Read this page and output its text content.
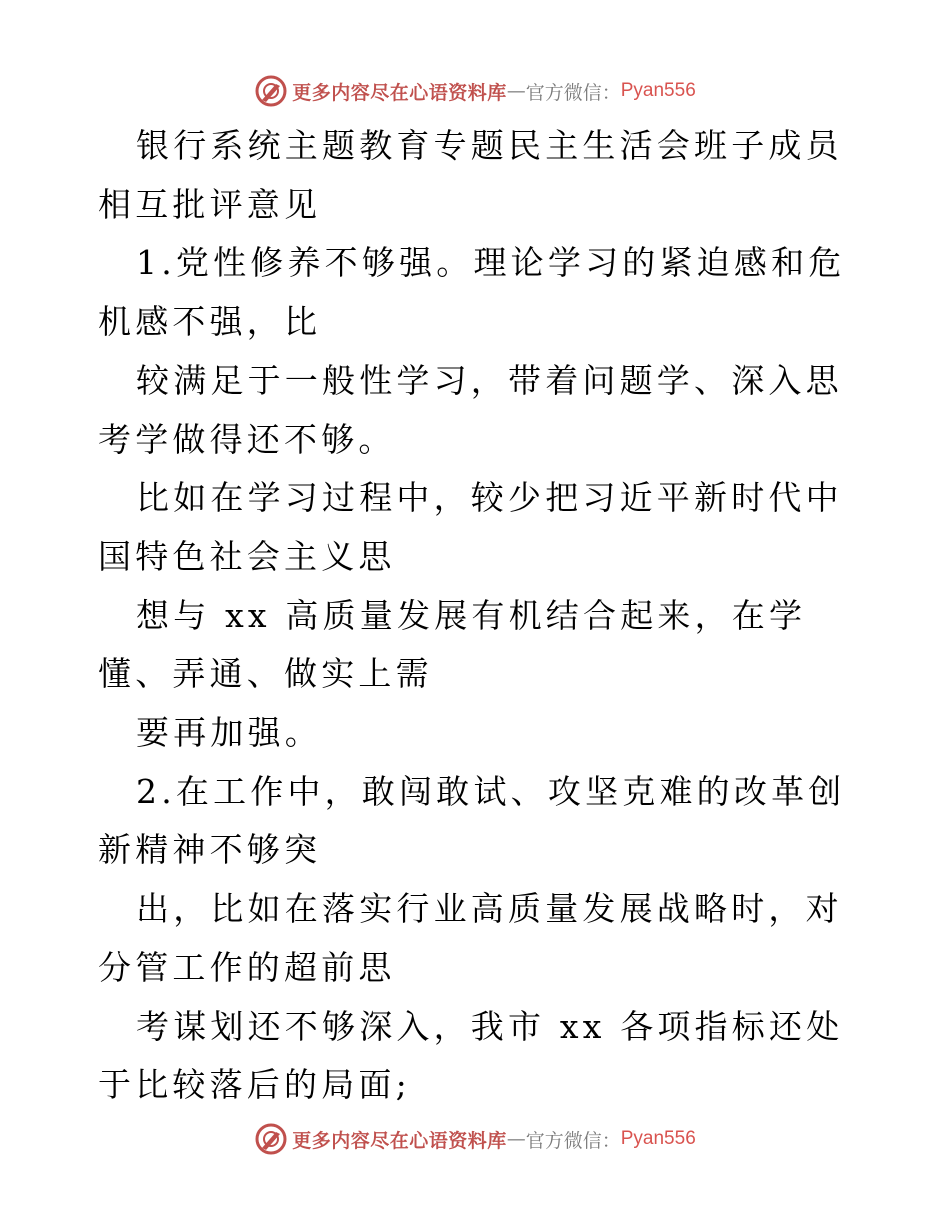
更多内容尽在心语资料库 — 官方微信： Pyan556

银行系统主题教育专题民主生活会班子成员相互批评意见

1.党性修养不够强。理论学习的紧迫感和危机感不强，比

较满足于一般性学习，带着问题学、深入思考学做得还不够。

比如在学习过程中，较少把习近平新时代中国特色社会主义思

想与 xx 高质量发展有机结合起来，在学懂、弄通、做实上需

要再加强。

2.在工作中，敢闯敢试、攻坚克难的改革创新精神不够突

出，比如在落实行业高质量发展战略时，对分管工作的超前思

考谋划还不够深入，我市 xx 各项指标还处于比较落后的局面;

更多内容尽在心语资料库 — 官方微信： Pyan556
